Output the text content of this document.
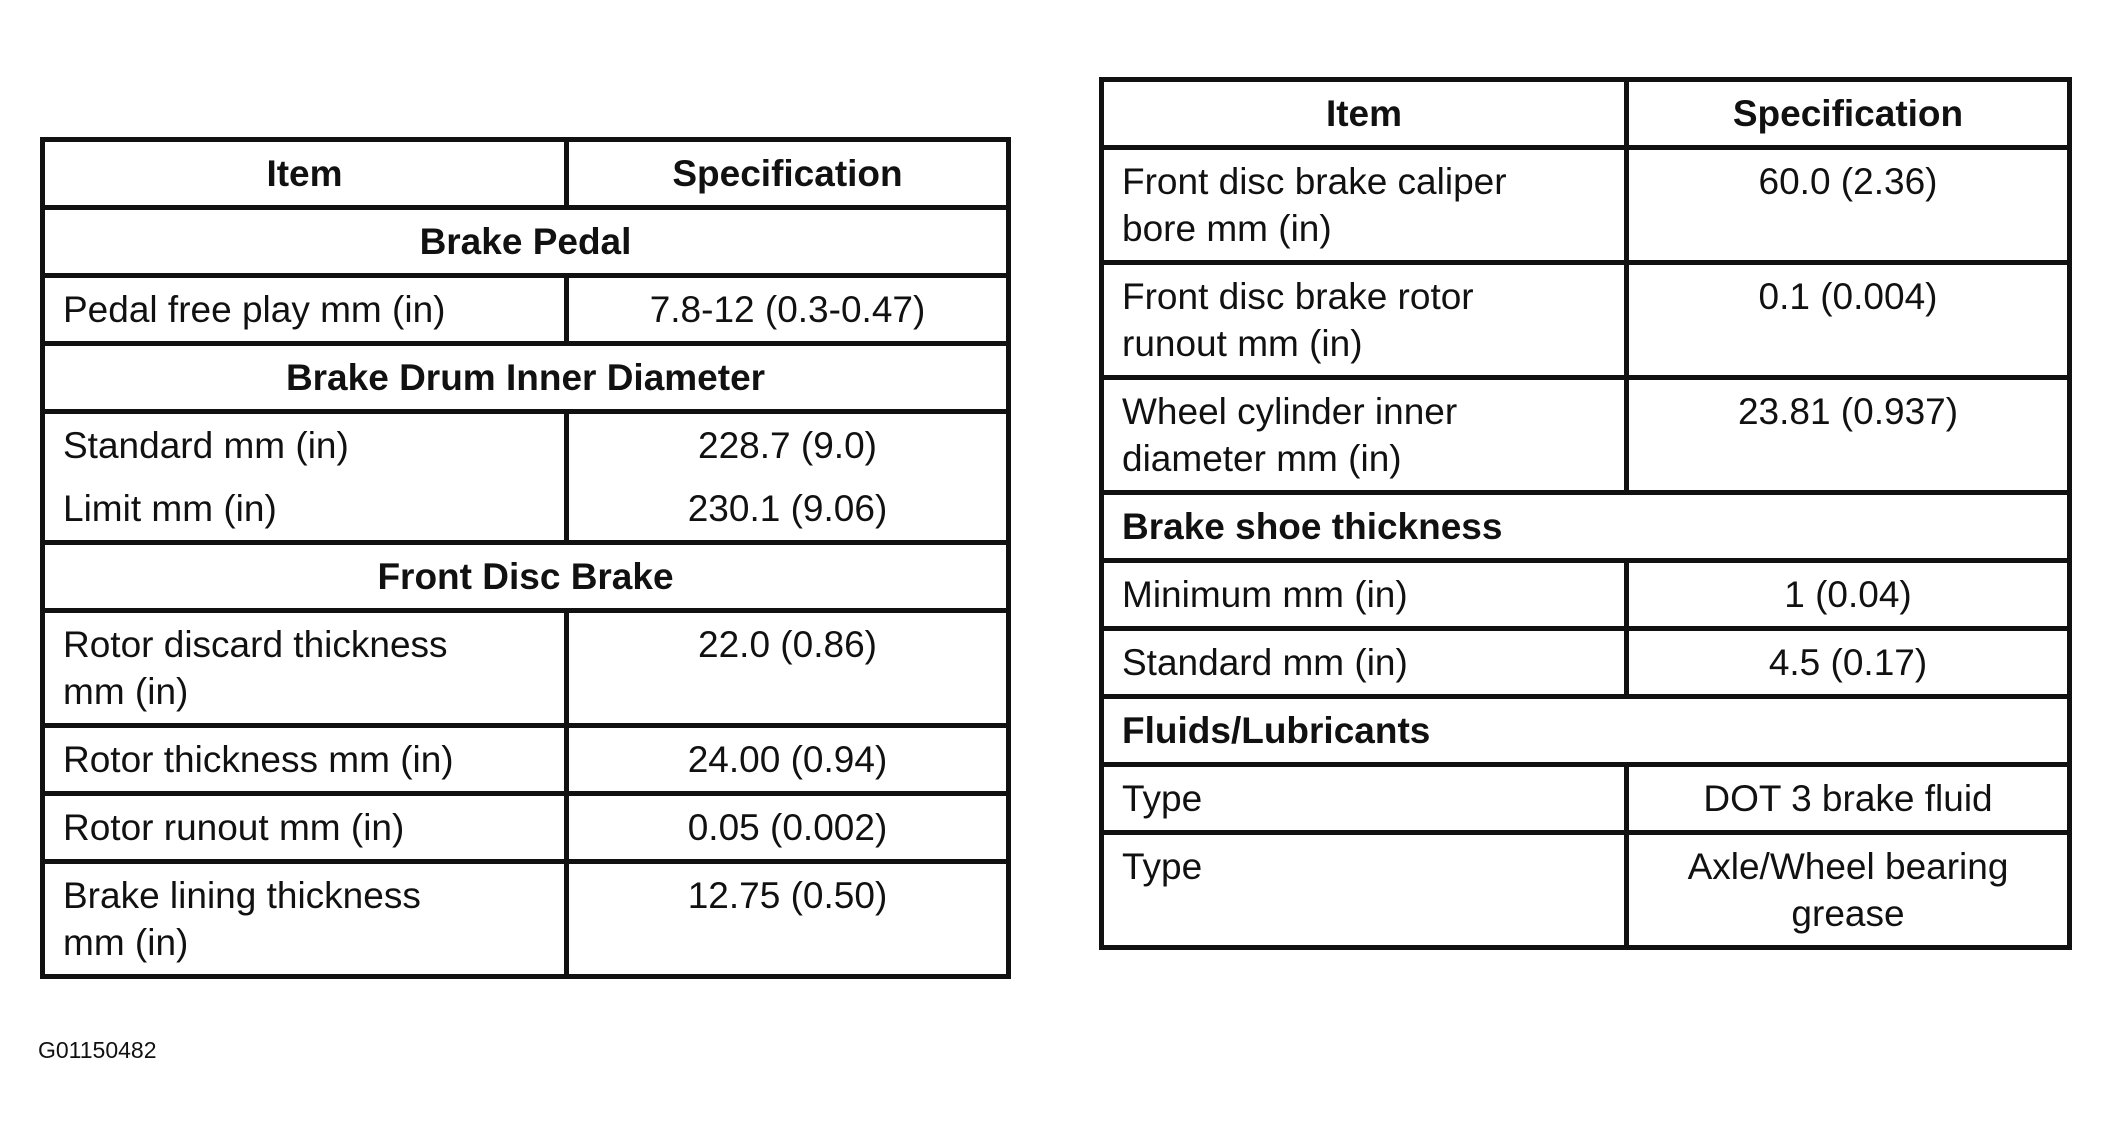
Item	Specification
Brake Pedal	
Pedal free play mm (in)	7.8-12 (0.3-0.47)
Brake Drum Inner Diameter	
Standard mm (in)	228.7 (9.0)
Limit mm (in)	230.1 (9.06)
Front Disc Brake	
Rotor discard thickness
mm (in)	22.0 (0.86)
Rotor thickness mm (in)	24.00 (0.94)
Rotor runout mm (in)	0.05 (0.002)
Brake lining thickness
mm (in)	12.75 (0.50)
Item	Specification
Front disc brake caliper
bore mm (in)	60.0 (2.36)
Front disc brake rotor
runout mm (in)	0.1 (0.004)
Wheel cylinder inner
diameter mm (in)	23.81 (0.937)
Brake shoe thickness	
Minimum mm (in)	1 (0.04)
Standard mm (in)	4.5 (0.17)
Fluids/Lubricants	
Type	DOT 3 brake fluid
Type	Axle/Wheel bearing
grease
G01150482
